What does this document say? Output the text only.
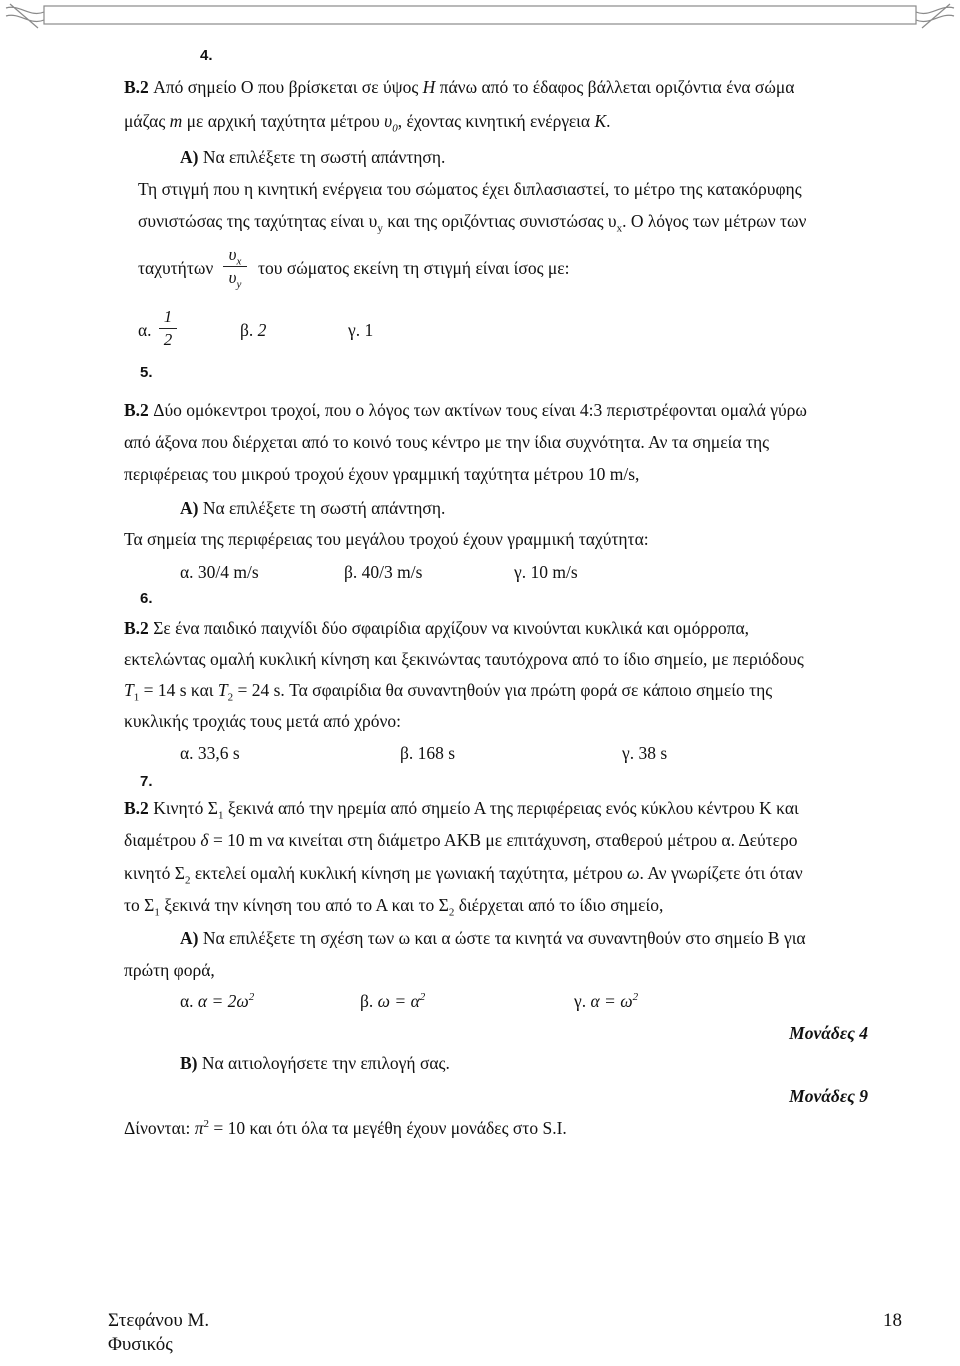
4.
B.2 Από σημείο Ο που βρίσκεται σε ύψος H πάνω από το έδαφος βάλλεται οριζόντια ένα σώμα
μάζας m με αρχική ταχύτητα μέτρου $\upsilon_0$, έχοντας κινητική ενέργεια K.
Α) Να επιλέξετε τη σωστή απάντηση.
Τη στιγμή που η κινητική ενέργεια του σώματος έχει διπλασιαστεί, το μέτρο της κατακόρυφης
συνιστώσας της ταχύτητας είναι $\upsilon_y$ και της οριζόντιας συνιστώσας $\upsilon_x$. Ο λόγος των μέτρων των
ταχυτήτων
$\upsilon_x$
$\upsilon_y$
του σώματος εκείνη τη στιγμή είναι ίσος με:
α.
1
2	β. 2	γ. 1
5.
B.2 Δύο ομόκεντροι τροχοί, που ο λόγος των ακτίνων τους είναι 4:3 περιστρέφονται ομαλά γύρω
από άξονα που διέρχεται από το κοινό τους κέντρο με την ίδια συχνότητα. Αν τα σημεία της
περιφέρειας του μικρού τροχού έχουν γραμμική ταχύτητα μέτρου 10 m/s,
Α) Να επιλέξετε τη σωστή απάντηση.
Τα σημεία της περιφέρειας του μεγάλου τροχού έχουν γραμμική ταχύτητα:
α. 30/4 m/s	β. 40/3 m/s	γ. 10 m/s
6.
B.2 Σε ένα παιδικό παιχνίδι δύο σφαιρίδια αρχίζουν να κινούνται κυκλικά και ομόρροπα,
εκτελώντας ομαλή κυκλική κίνηση και ξεκινώντας ταυτόχρονα από το ίδιο σημείο, με περιόδους
$T_1 = 14$ s και $T_2 = 24$ s. Τα σφαιρίδια θα συναντηθούν για πρώτη φορά σε κάποιο σημείο της
κυκλικής τροχιάς τους μετά από χρόνο:
α. 33,6 s	β. 168 s	γ. 38 s
7.
B.2 Κινητό $\Sigma_1$ ξεκινά από την ηρεμία από σημείο Α της περιφέρειας ενός κύκλου κέντρου Κ και
διαμέτρου δ = 10 m να κινείται στη διάμετρο ΑΚΒ με επιτάχυνση, σταθερού μέτρου α. Δεύτερο
κινητό $\Sigma_2$ εκτελεί ομαλή κυκλική κίνηση με γωνιακή ταχύτητα, μέτρου ω. Αν γνωρίζετε ότι όταν
το $\Sigma_1$ ξεκινά την κίνηση του από το Α και το $\Sigma_2$ διέρχεται από το ίδιο σημείο,
Α) Να επιλέξετε τη σχέση των ω και α ώστε τα κινητά να συναντηθούν στο σημείο Β για
πρώτη φορά,
α. $\alpha = 2\omega^2$	β. $\omega = \alpha^2$	γ. $\alpha = \omega^2$
Μονάδες 4
Β) Να αιτιολογήσετε την επιλογή σας.
Μονάδες 9
Δίνονται: $\pi^2 = 10$ και ότι όλα τα μεγέθη έχουν μονάδες στο S.I.
Στεφάνου Μ.
Φυσικός
18
